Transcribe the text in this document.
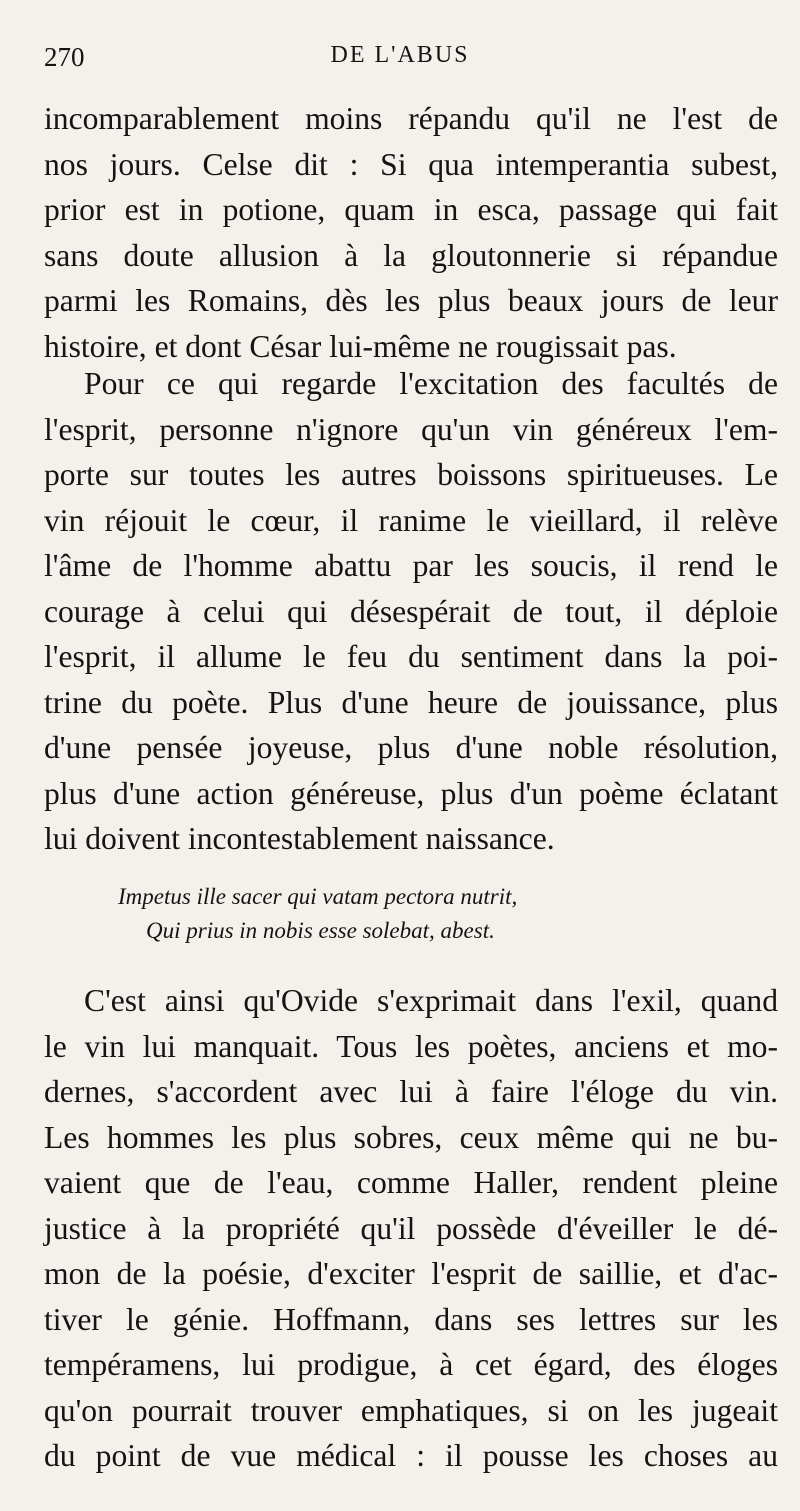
270	DE L'ABUS
incomparablement moins répandu qu'il ne l'est de
nos jours. Celse dit : Si qua intemperantia subest,
prior est in potione, quam in esca, passage qui fait
sans doute allusion à la gloutonnerie si répandue
parmi les Romains, dès les plus beaux jours de leur
histoire, et dont César lui-même ne rougissait pas.
Pour ce qui regarde l'excitation des facultés de
l'esprit, personne n'ignore qu'un vin généreux l'em-
porte sur toutes les autres boissons spiritueuses. Le
vin réjouit le cœur, il ranime le vieillard, il relève
l'âme de l'homme abattu par les soucis, il rend le
courage à celui qui désespérait de tout, il déploie
l'esprit, il allume le feu du sentiment dans la poi-
trine du poète. Plus d'une heure de jouissance, plus
d'une pensée joyeuse, plus d'une noble résolution,
plus d'une action généreuse, plus d'un poème éclatant
lui doivent incontestablement naissance.
Impetus ille sacer qui vatam pectora nutrit,
Qui prius in nobis esse solebat, abest.
C'est ainsi qu'Ovide s'exprimait dans l'exil, quand
le vin lui manquait. Tous les poètes, anciens et mo-
dernes, s'accordent avec lui à faire l'éloge du vin.
Les hommes les plus sobres, ceux même qui ne bu-
vaient que de l'eau, comme Haller, rendent pleine
justice à la propriété qu'il possède d'éveiller le dé-
mon de la poésie, d'exciter l'esprit de saillie, et d'ac-
tiver le génie. Hoffmann, dans ses lettres sur les
tempéramens, lui prodigue, à cet égard, des éloges
qu'on pourrait trouver emphatiques, si on les jugeait
du point de vue médical : il pousse les choses au
